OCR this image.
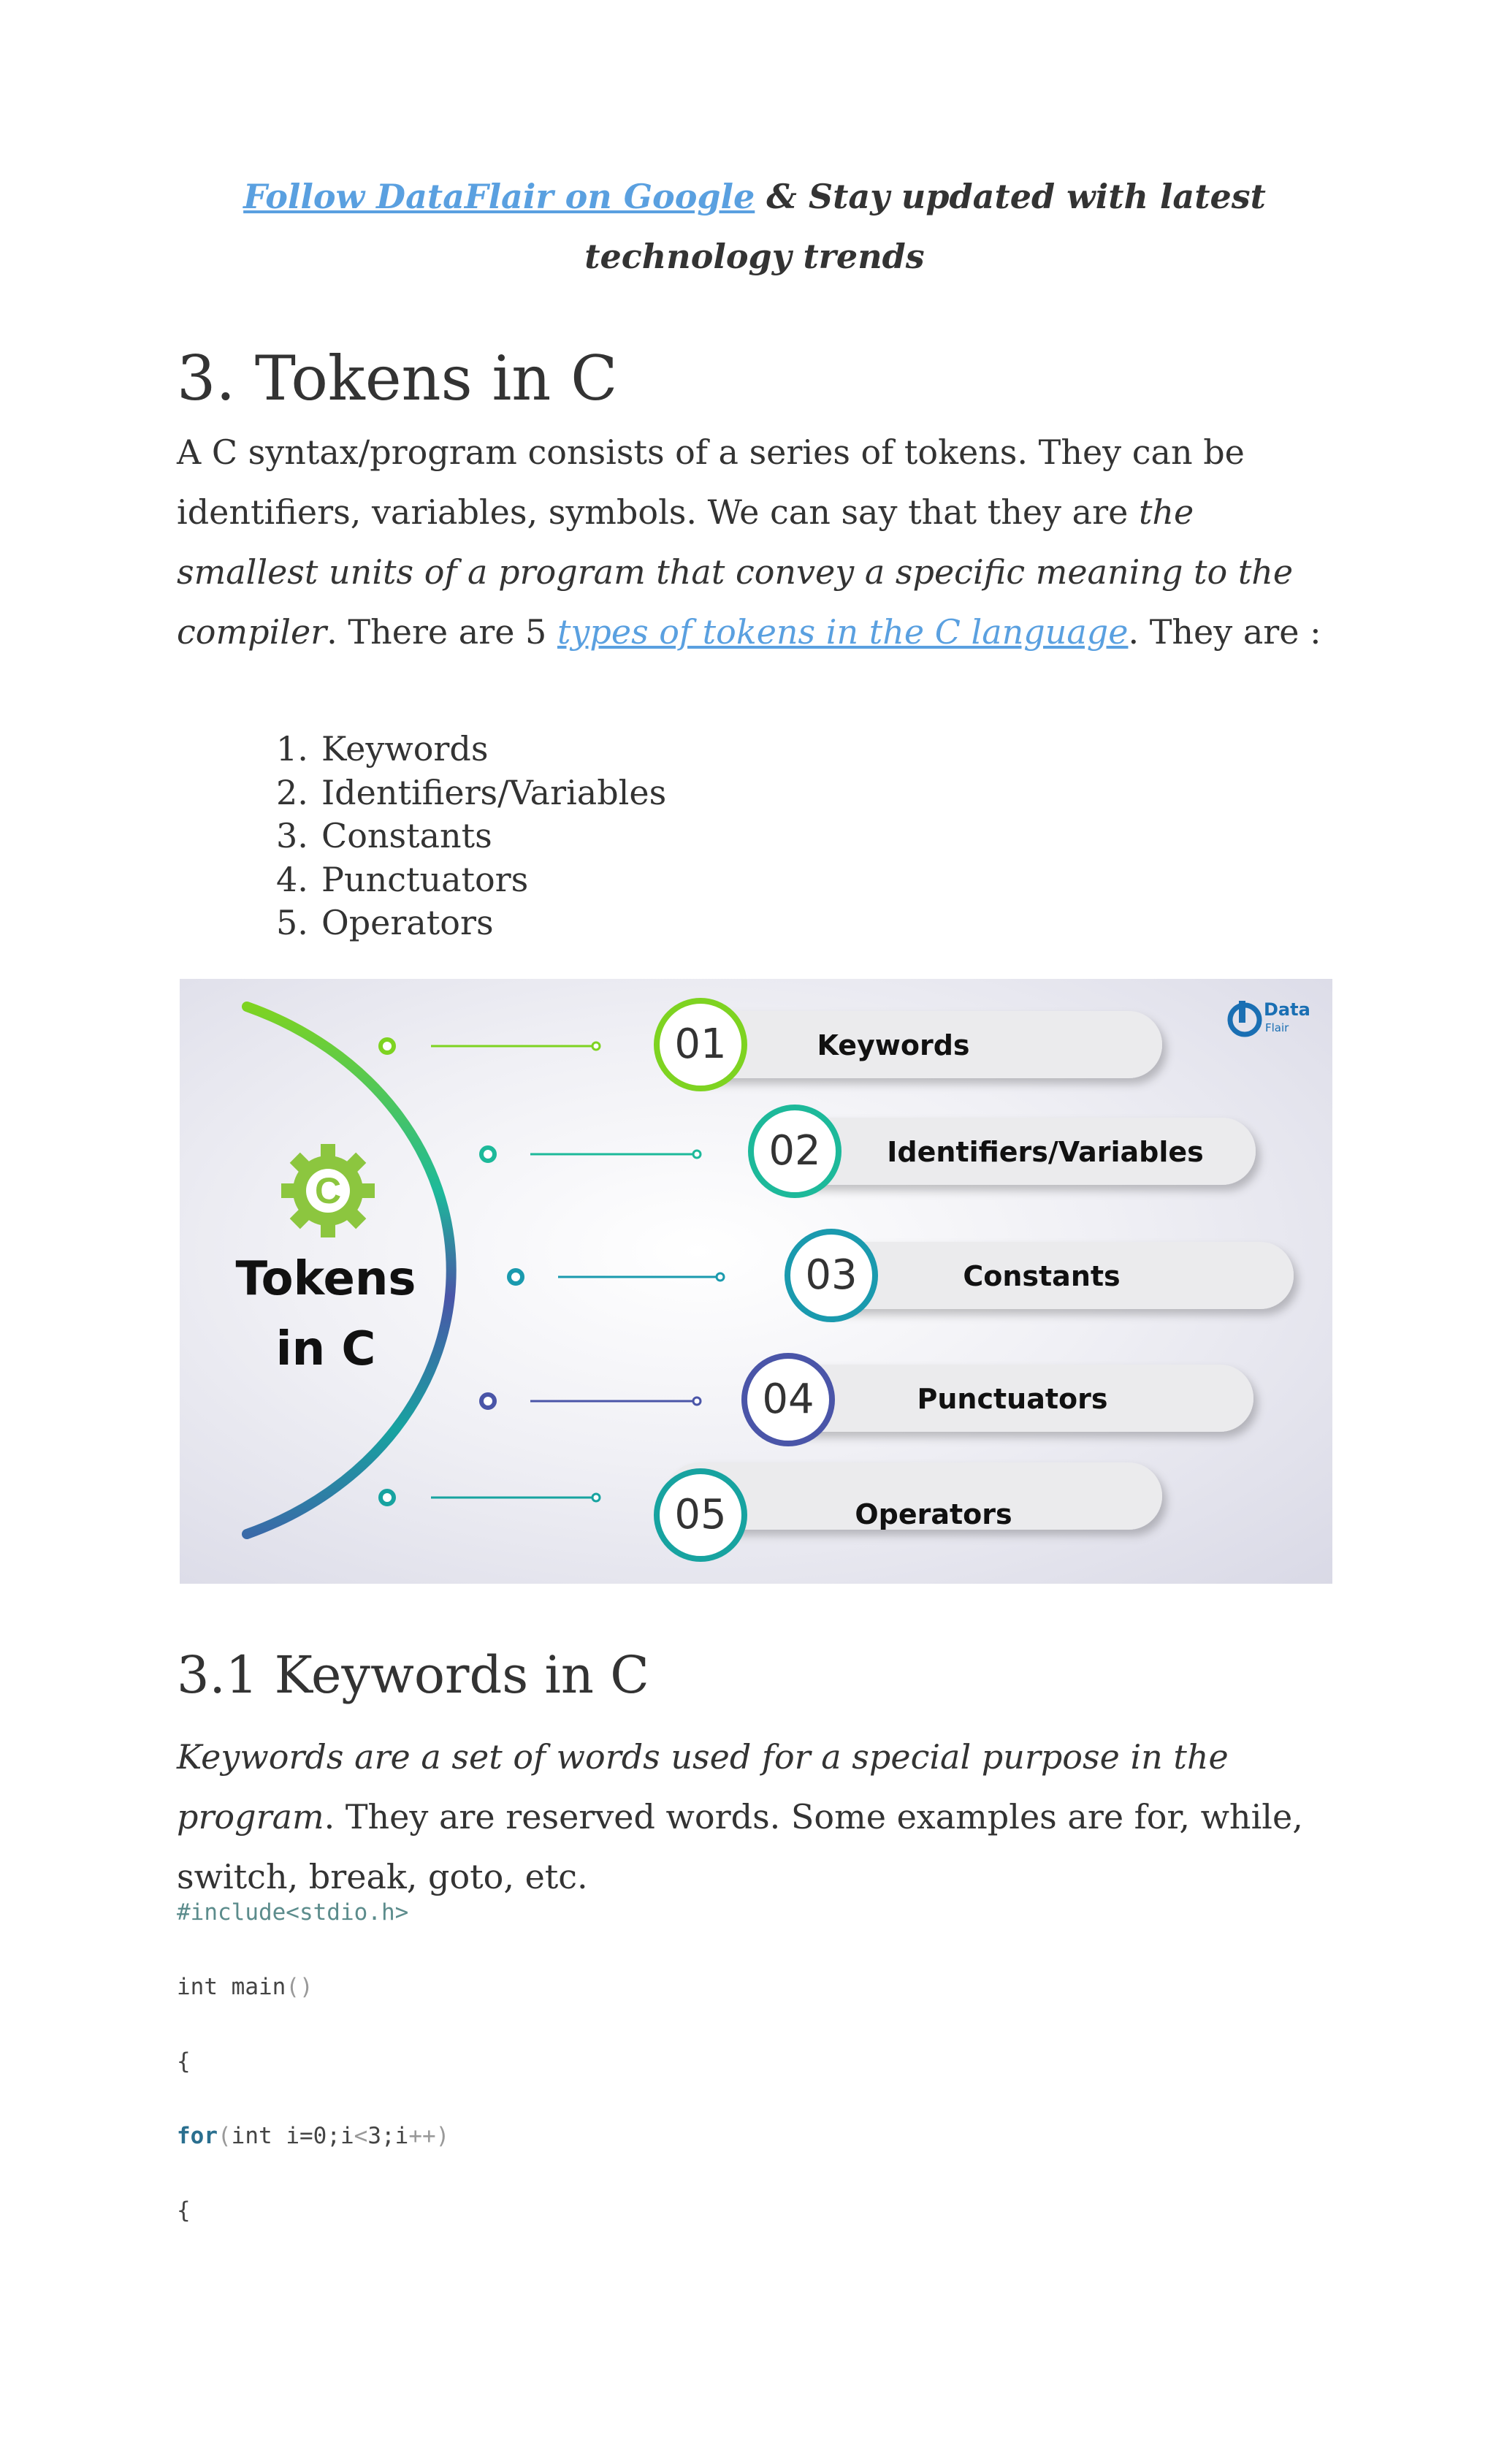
Follow DataFlair on Google & Stay updated with latest technology trends
3. Tokens in C

A C syntax/program consists of a series of tokens. They can be identifiers, variables, symbols. We can say that they are the smallest units of a program that convey a specific meaning to the compiler. There are 5 types of tokens in the C language. They are :

1. Keywords
2. Identifiers/Variables
3. Constants
4. Punctuators
5. Operators
C
Tokens
in C
Data
Flair
01	Keywords
02 Identifiers/Variables
03	Constants
04	Punctuators
05	Operators
3.1 Keywords in C

Keywords are a set of words used for a special purpose in the program. They are reserved words. Some examples are for, while, switch, break, goto, etc.

#include<stdio.h>
int main()
{
for(int i=0;i<3;i++)
{
